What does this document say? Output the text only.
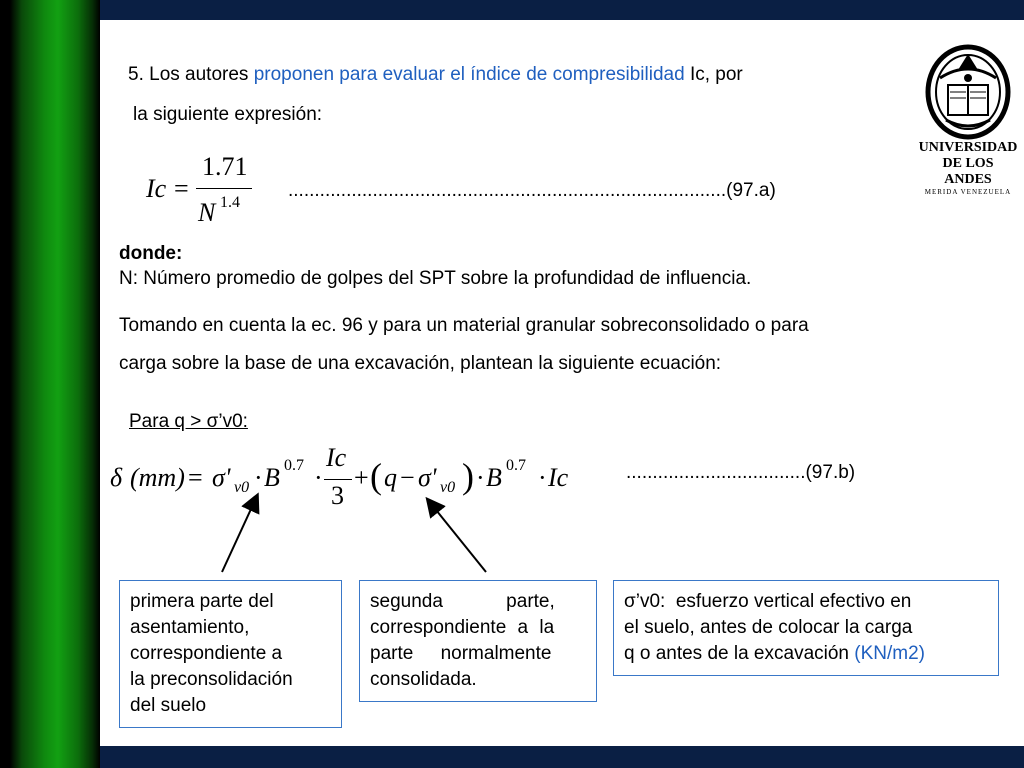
UNIVERSIDAD
DE LOS ANDES
MERIDA VENEZUELA
5. Los autores proponen para evaluar el índice de compresibilidad Ic, por
la siguiente expresión:
Ic =
1.71
N 1.4
...................................................................................(97.a)
donde:
N: Número promedio de golpes del SPT sobre la profundidad de influencia.
Tomando en cuenta la ec. 96 y para un material granular sobreconsolidado o para
carga sobre la base de una excavación, plantean la siguiente ecuación:
Para q > σ’v0:
δ (mm) = σ' v0 · B 0.7 ·
Ic
3
+ ( q − σ' v0 ) · B 0.7 · Ic	..................................(97.b)
primera parte del
asentamiento,
correspondiente a
la preconsolidación
del suelo
segunda parte,
correspondiente a la
parte normalmente
consolidada.
σ’v0:  esfuerzo vertical efectivo en
el suelo, antes de colocar la carga
q o antes de la excavación (KN/m2)
